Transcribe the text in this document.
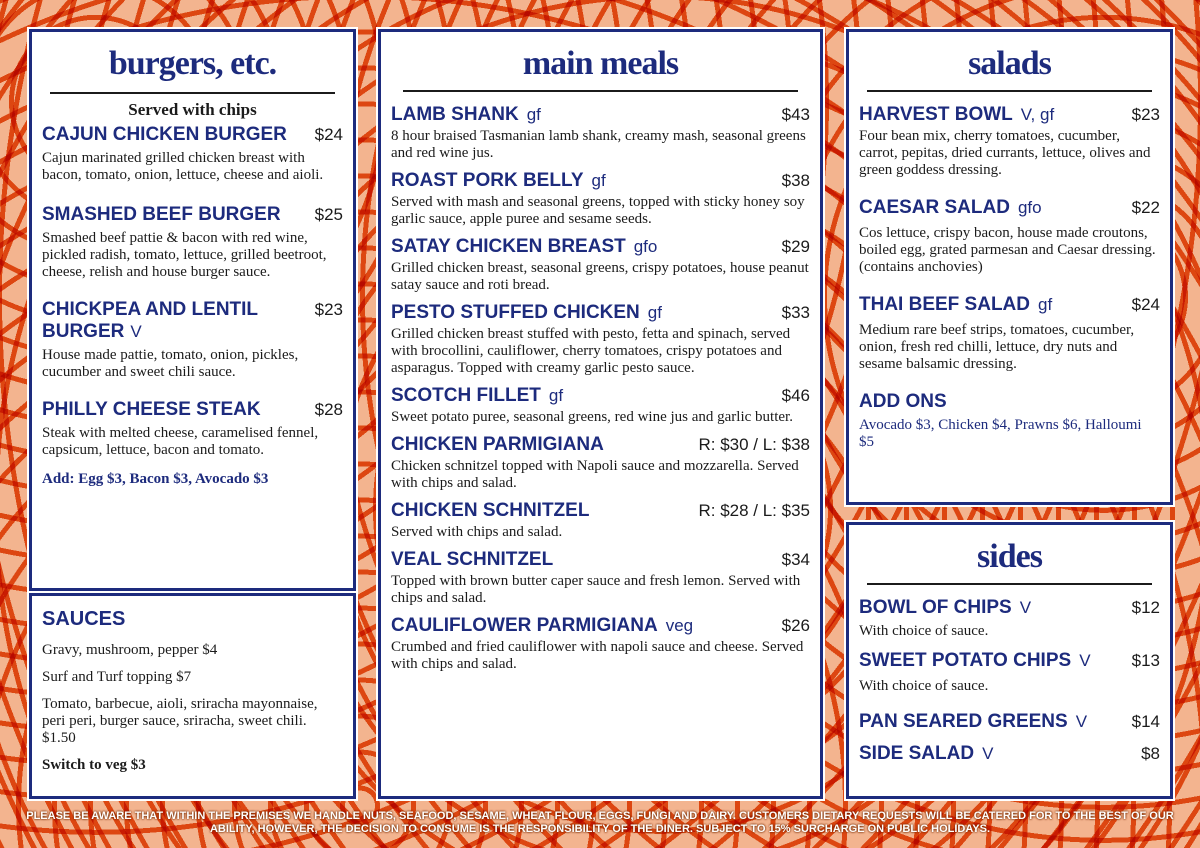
burgers, etc.
Served with chips
CAJUN CHICKEN BURGER $24
Cajun marinated grilled chicken breast with bacon, tomato, onion, lettuce, cheese and aioli.
SMASHED BEEF BURGER $25
Smashed beef pattie & bacon with red wine, pickled radish, tomato, lettuce, grilled beetroot, cheese, relish and house burger sauce.
CHICKPEA AND LENTIL BURGER V
$23
House made pattie, tomato, onion, pickles, cucumber and sweet chili sauce.
PHILLY CHEESE STEAK	$28
Steak with melted cheese, caramelised fennel, capsicum, lettuce, bacon and tomato.
Add: Egg $3, Bacon $3, Avocado $3
SAUCES
Gravy, mushroom, pepper $4
Surf and Turf topping $7
Tomato, barbecue, aioli, sriracha mayonnaise, peri peri, burger sauce, sriracha, sweet chili. $1.50
Switch to veg $3
main meals
LAMB SHANK gf	$43
8 hour braised Tasmanian lamb shank, creamy mash, seasonal greens and red wine jus.
ROAST PORK BELLY gf	$38
Served with mash and seasonal greens, topped with sticky honey soy garlic sauce, apple puree and sesame seeds.
SATAY CHICKEN BREAST gfo	$29
Grilled chicken breast, seasonal greens, crispy potatoes, house peanut satay sauce and roti bread.
PESTO STUFFED CHICKEN gf	$33
Grilled chicken breast stuffed with pesto, fetta and spinach, served with brocollini, cauliflower, cherry tomatoes, crispy potatoes and asparagus. Topped with creamy garlic pesto sauce.
SCOTCH FILLET gf	$46
Sweet potato puree, seasonal greens, red wine jus and garlic butter.
CHICKEN PARMIGIANA	R: $30 / L: $38
Chicken schnitzel topped with Napoli sauce and mozzarella. Served with chips and salad.
CHICKEN SCHNITZEL	R: $28 / L: $35
Served with chips and salad.
VEAL SCHNITZEL	$34
Topped with brown butter caper sauce and fresh lemon. Served with chips and salad.
CAULIFLOWER PARMIGIANA veg	$26
Crumbed and fried cauliflower with napoli sauce and cheese. Served with chips and salad.
salads
HARVEST BOWL V, gf	$23
Four bean mix, cherry tomatoes, cucumber, carrot, pepitas, dried currants, lettuce, olives and green goddess dressing.
CAESAR SALAD gfo	$22
Cos lettuce, crispy bacon, house made croutons, boiled egg, grated parmesan and Caesar dressing. (contains anchovies)
THAI BEEF SALAD gf	$24
Medium rare beef strips, tomatoes, cucumber, onion, fresh red chilli, lettuce, dry nuts and sesame balsamic dressing.
ADD ONS
Avocado $3, Chicken $4, Prawns $6, Halloumi $5
sides
BOWL OF CHIPS V	$12
With choice of sauce.
SWEET POTATO CHIPS V $13
With choice of sauce.
PAN SEARED GREENS V	$14
SIDE SALAD V	$8
PLEASE BE AWARE THAT WITHIN THE PREMISES WE HANDLE NUTS, SEAFOOD, SESAME, WHEAT FLOUR, EGGS, FUNGI AND DAIRY. CUSTOMERS DIETARY REQUESTS WILL BE CATERED FOR TO THE BEST OF OUR ABILITY, HOWEVER, THE DECISION TO CONSUME IS THE RESPONSIBILITY OF THE DINER. SUBJECT TO 15% SURCHARGE ON PUBLIC HOLIDAYS.
